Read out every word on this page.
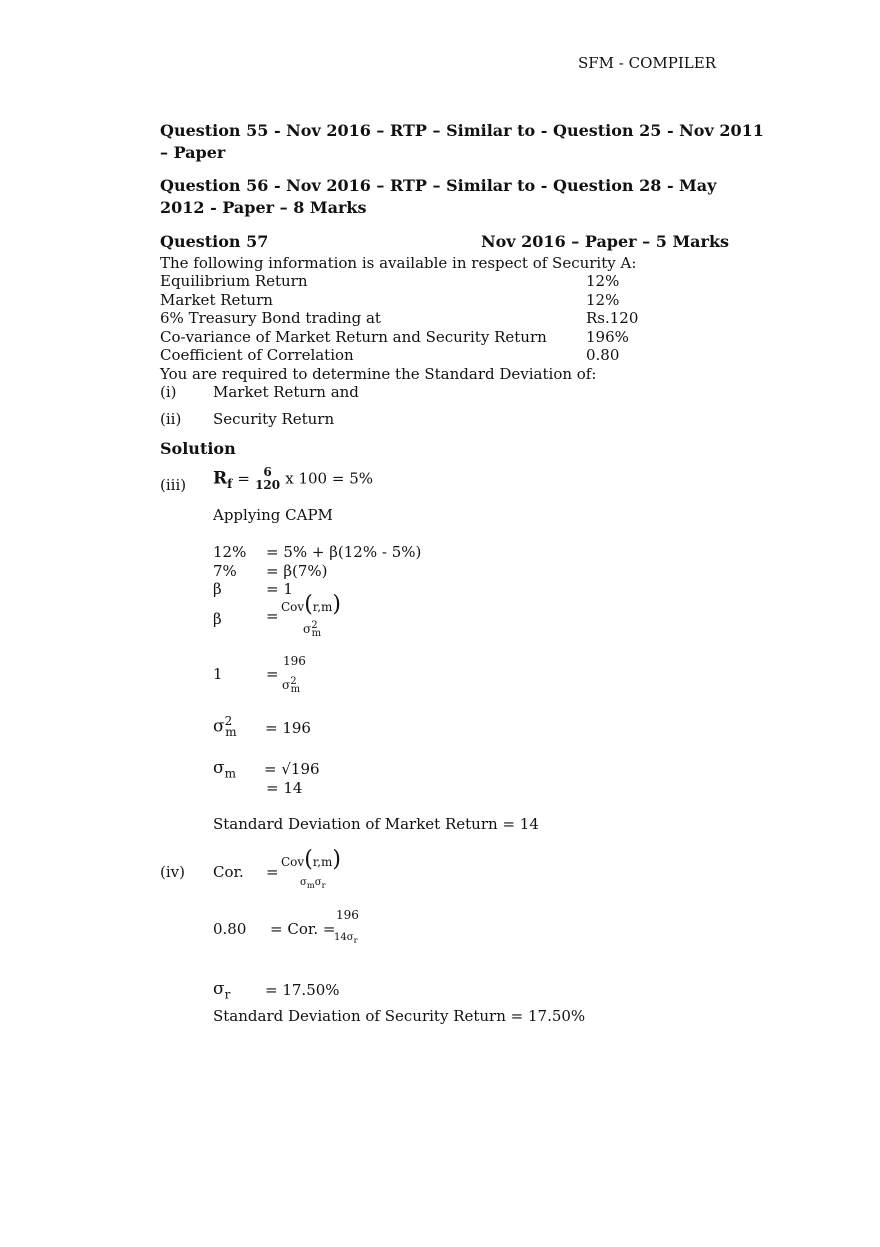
SFM - COMPILER
Question 55 - Nov 2016 – RTP – Similar to - Question 25 - Nov 2011
– Paper
Question 56 - Nov 2016 – RTP – Similar to - Question 28 - May
2012 - Paper – 8 Marks
Question 57	Nov 2016 – Paper – 5 Marks
The following information is available in respect of Security A:
Equilibrium Return	12%
Market Return	12%
6% Treasury Bond trading at	Rs.120
Co-variance of Market Return and Security Return	196%
Coefficient of Correlation	0.80
You are required to determine the Standard Deviation of:
(i) Market Return and
(ii) Security Return
Solution
(iii) $R_f$ =	6
120 x 100 = 5%
Applying CAPM
12% = 5% + β(12% - 5%)
7% = β(7%)
β	= 1
β	= Cov(r,m)
$\sigma^2_m$
1	=
196
$\sigma^2_m$
$\sigma^2_m = 196$
$\sigma_m = √196$
= 14
Standard Deviation of Market Return = 14
(iv) Cor. =
Cov(r,m)
$\sigma_m\sigma_r$
0.80 = Cor. =
196
$14\sigma_r$
$\sigma_r = 17.50\%$
Standard Deviation of Security Return = 17.50%
